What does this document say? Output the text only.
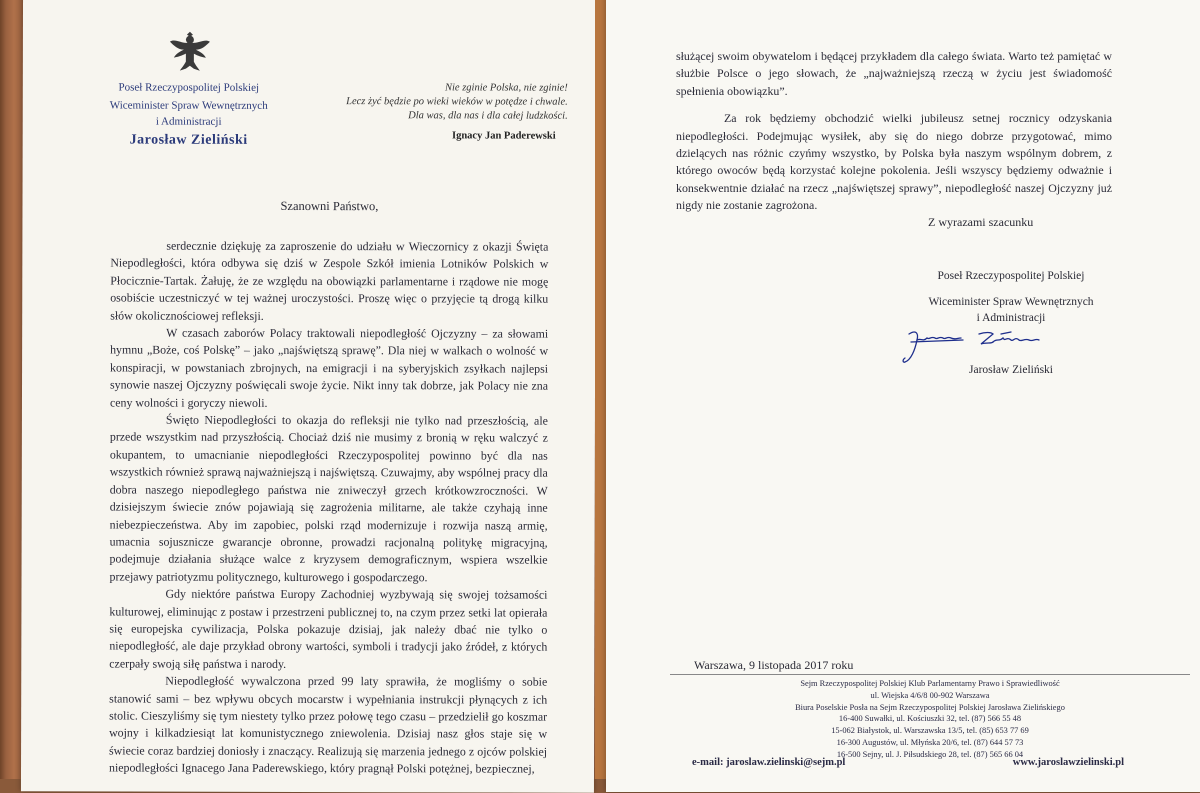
Poseł Rzeczypospolitej Polskiej
Wiceminister Spraw Wewnętrznych
i Administracji
Jarosław Zieliński
Nie zginie Polska, nie zginie!
Lecz żyć będzie po wieki wieków w potędze i chwale.
Dla was, dla nas i dla całej ludzkości.
Ignacy Jan Paderewski
Szanowni Państwo,

serdecznie dziękuję za zaproszenie do udziału w Wieczornicy z okazji Święta Niepodległości, która odbywa się dziś w Zespole Szkół imienia Lotników Polskich w Płocicznie-Tartak. Żałuję, że ze względu na obowiązki parlamentarne i rządowe nie mogę osobiście uczestniczyć w tej ważnej uroczystości. Proszę więc o przyjęcie tą drogą kilku słów okolicznościowej refleksji.

W czasach zaborów Polacy traktowali niepodległość Ojczyzny – za słowami hymnu „Boże, coś Polskę” – jako „najświętszą sprawę”. Dla niej w walkach o wolność w konspiracji, w powstaniach zbrojnych, na emigracji i na syberyjskich zsyłkach najlepsi synowie naszej Ojczyzny poświęcali swoje życie. Nikt inny tak dobrze, jak Polacy nie zna ceny wolności i goryczy niewoli.

Święto Niepodległości to okazja do refleksji nie tylko nad przeszłością, ale przede wszystkim nad przyszłością. Chociaż dziś nie musimy z bronią w ręku walczyć z okupantem, to umacnianie niepodległości Rzeczypospolitej powinno być dla nas wszystkich również sprawą najważniejszą i najświętszą. Czuwajmy, aby wspólnej pracy dla dobra naszego niepodległego państwa nie zniweczył grzech krótkowzroczności. W dzisiejszym świecie znów pojawiają się zagrożenia militarne, ale także czyhają inne niebezpieczeństwa. Aby im zapobiec, polski rząd modernizuje i rozwija naszą armię, umacnia sojusznicze gwarancje obronne, prowadzi racjonalną politykę migracyjną, podejmuje działania służące walce z kryzysem demograficznym, wspiera wszelkie przejawy patriotyzmu politycznego, kulturowego i gospodarczego.

Gdy niektóre państwa Europy Zachodniej wyzbywają się swojej tożsamości kulturowej, eliminując z postaw i przestrzeni publicznej to, na czym przez setki lat opierała się europejska cywilizacja, Polska pokazuje dzisiaj, jak należy dbać nie tylko o niepodległość, ale daje przykład obrony wartości, symboli i tradycji jako źródeł, z których czerpały swoją siłę państwa i narody.

Niepodległość wywalczona przed 99 laty sprawiła, że mogliśmy o sobie stanowić sami – bez wpływu obcych mocarstw i wypełniania instrukcji płynących z ich stolic. Cieszyliśmy się tym niestety tylko przez połowę tego czasu – przedzielił go koszmar wojny i kilkadziesiąt lat komunistycznego zniewolenia. Dzisiaj nasz głos staje się w świecie coraz bardziej doniosły i znaczący. Realizują się marzenia jednego z ojców polskiej niepodległości Ignacego Jana Paderewskiego, który pragnął Polski potężnej, bezpiecznej,

służącej swoim obywatelom i będącej przykładem dla całego świata. Warto też pamiętać w służbie Polsce o jego słowach, że „najważniejszą rzeczą w życiu jest świadomość spełnienia obowiązku”.

Za rok będziemy obchodzić wielki jubileusz setnej rocznicy odzyskania niepodległości. Podejmując wysiłek, aby się do niego dobrze przygotować, mimo dzielących nas różnic czyńmy wszystko, by Polska była naszym wspólnym dobrem, z którego owoców będą korzystać kolejne pokolenia. Jeśli wszyscy będziemy odważnie i konsekwentnie działać na rzecz „najświętszej sprawy”, niepodległość naszej Ojczyzny już nigdy nie zostanie zagrożona.

Z wyrazami szacunku
Poseł Rzeczypospolitej Polskiej
Wiceminister Spraw Wewnętrznych
i Administracji
Jarosław Zieliński
Warszawa, 9 listopada 2017 roku
Sejm Rzeczypospolitej Polskiej Klub Parlamentarny Prawo i Sprawiedliwość
ul. Wiejska 4/6/8 00-902 Warszawa
Biura Poselskie Posła na Sejm Rzeczypospolitej Polskiej Jarosława Zielińskiego
16-400 Suwałki, ul. Kościuszki 32, tel. (87) 566 55 48
15-062 Białystok, ul. Warszawska 13/5, tel. (85) 653 77 69
16-300 Augustów, ul. Młyńska 20/6, tel. (87) 644 57 73
16-500 Sejny, ul. J. Piłsudskiego 28, tel. (87) 565 66 04
e-mail: jaroslaw.zielinski@sejm.pl	www.jaroslawzielinski.pl
